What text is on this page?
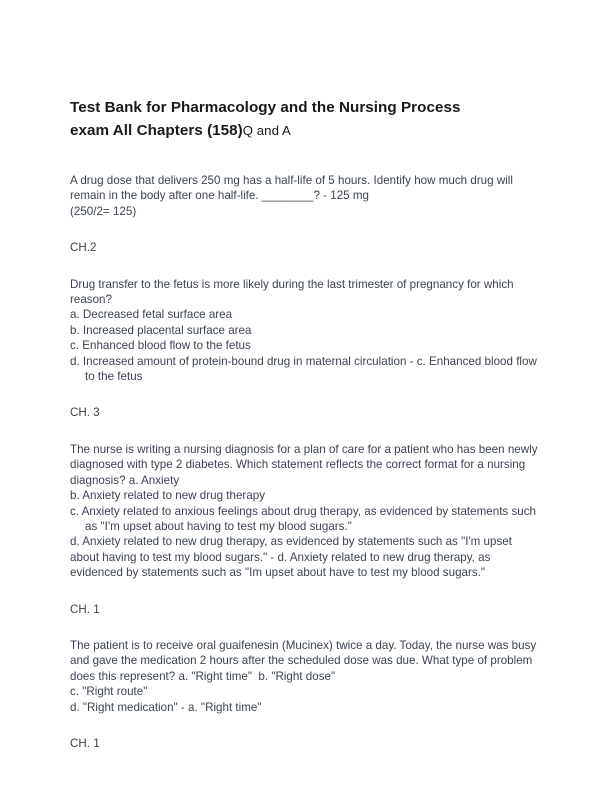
Test Bank for Pharmacology and the Nursing Process exam All Chapters (158)Q and A

A drug dose that delivers 250 mg has a half-life of 5 hours. Identify how much drug will remain in the body after one half-life. ________? - 125 mg

(250/2= 125)

CH.2

Drug transfer to the fetus is more likely during the last trimester of pregnancy for which reason?

a. Decreased fetal surface area

b. Increased placental surface area

c. Enhanced blood flow to the fetus

d. Increased amount of protein-bound drug in maternal circulation - c. Enhanced blood flow to the fetus

CH. 3

The nurse is writing a nursing diagnosis for a plan of care for a patient who has been newly diagnosed with type 2 diabetes. Which statement reflects the correct format for a nursing diagnosis? a. Anxiety

b. Anxiety related to new drug therapy

c. Anxiety related to anxious feelings about drug therapy, as evidenced by statements such as "I'm upset about having to test my blood sugars."

d. Anxiety related to new drug therapy, as evidenced by statements such as "I'm upset about having to test my blood sugars." - d. Anxiety related to new drug therapy, as evidenced by statements such as "Im upset about have to test my blood sugars."

CH. 1

The patient is to receive oral guaifenesin (Mucinex) twice a day. Today, the nurse was busy and gave the medication 2 hours after the scheduled dose was due. What type of problem does this represent? a. "Right time"  b. "Right dose"

c. "Right route"

d. "Right medication" - a. "Right time"

CH. 1
